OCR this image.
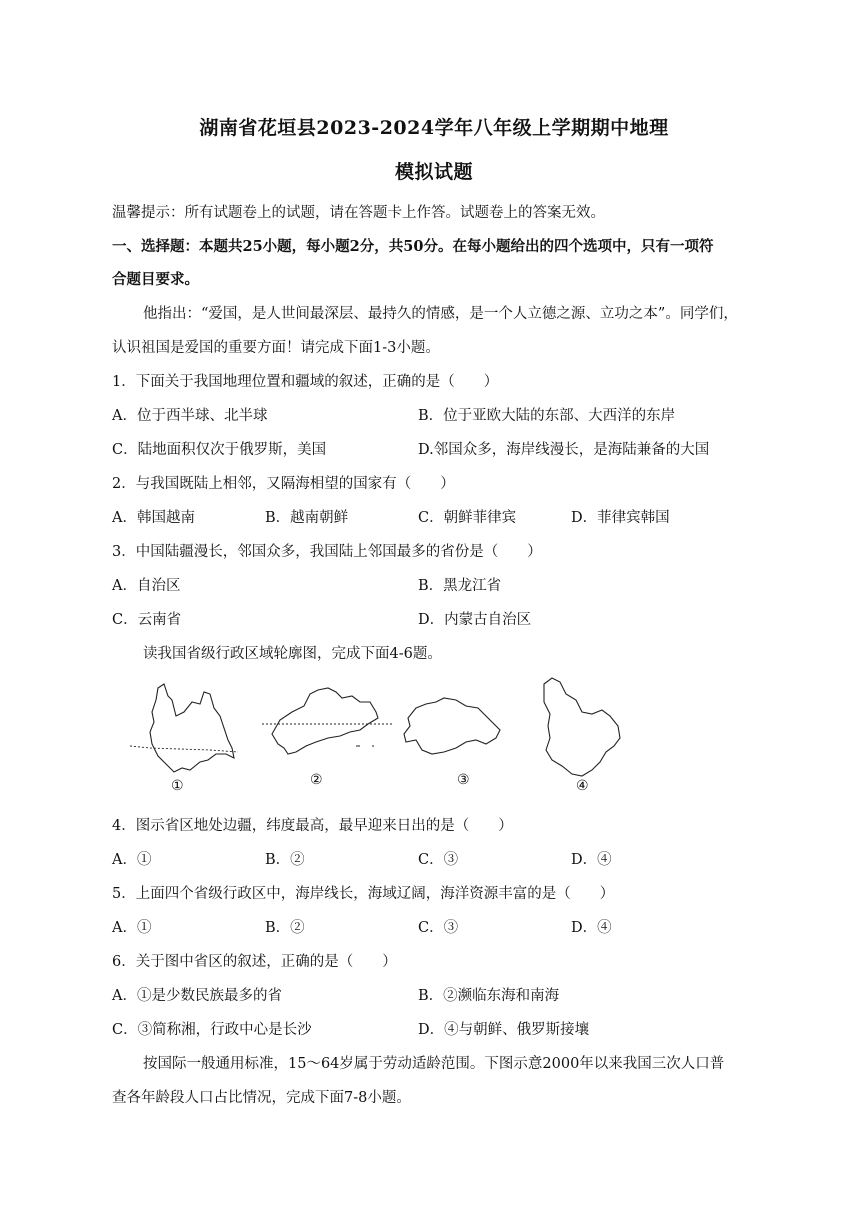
湖南省花垣县2023-2024学年八年级上学期期中地理
模拟试题
温馨提示：所有试题卷上的试题，请在答题卡上作答。试题卷上的答案无效。
一、选择题：本题共25小题，每小题2分，共50分。在每小题给出的四个选项中，只有一项符
合题目要求。
他指出：“爱国，是人世间最深层、最持久的情感，是一个人立德之源、立功之本”。同学们，
认识祖国是爱国的重要方面！请完成下面1-3小题。
1．下面关于我国地理位置和疆域的叙述，正确的是（　　）
A．位于西半球、北半球	B．位于亚欧大陆的东部、大西洋的东岸
C．陆地面积仅次于俄罗斯，美国	D.邻国众多，海岸线漫长，是海陆兼备的大国
2．与我国既陆上相邻，又隔海相望的国家有（　　）
A．韩国越南	B．越南朝鲜	C．朝鲜菲律宾	D．菲律宾韩国
3．中国陆疆漫长，邻国众多，我国陆上邻国最多的省份是（　　）
A．自治区	B．黑龙江省
C．云南省	D．内蒙古自治区
读我国省级行政区域轮廓图，完成下面4-6题。
①	②	③	④
4．图示省区地处边疆，纬度最高，最早迎来日出的是（　　）
A．①	B．②	C．③	D．④
5．上面四个省级行政区中，海岸线长，海域辽阔，海洋资源丰富的是（　　）
A．①	B．②	C．③	D．④
6．关于图中省区的叙述，正确的是（　　）
A．①是少数民族最多的省	B．②濒临东海和南海
C．③简称湘，行政中心是长沙	D．④与朝鲜、俄罗斯接壤
按国际一般通用标准，15～64岁属于劳动适龄范围。下图示意2000年以来我国三次人口普
查各年龄段人口占比情况，完成下面7-8小题。
